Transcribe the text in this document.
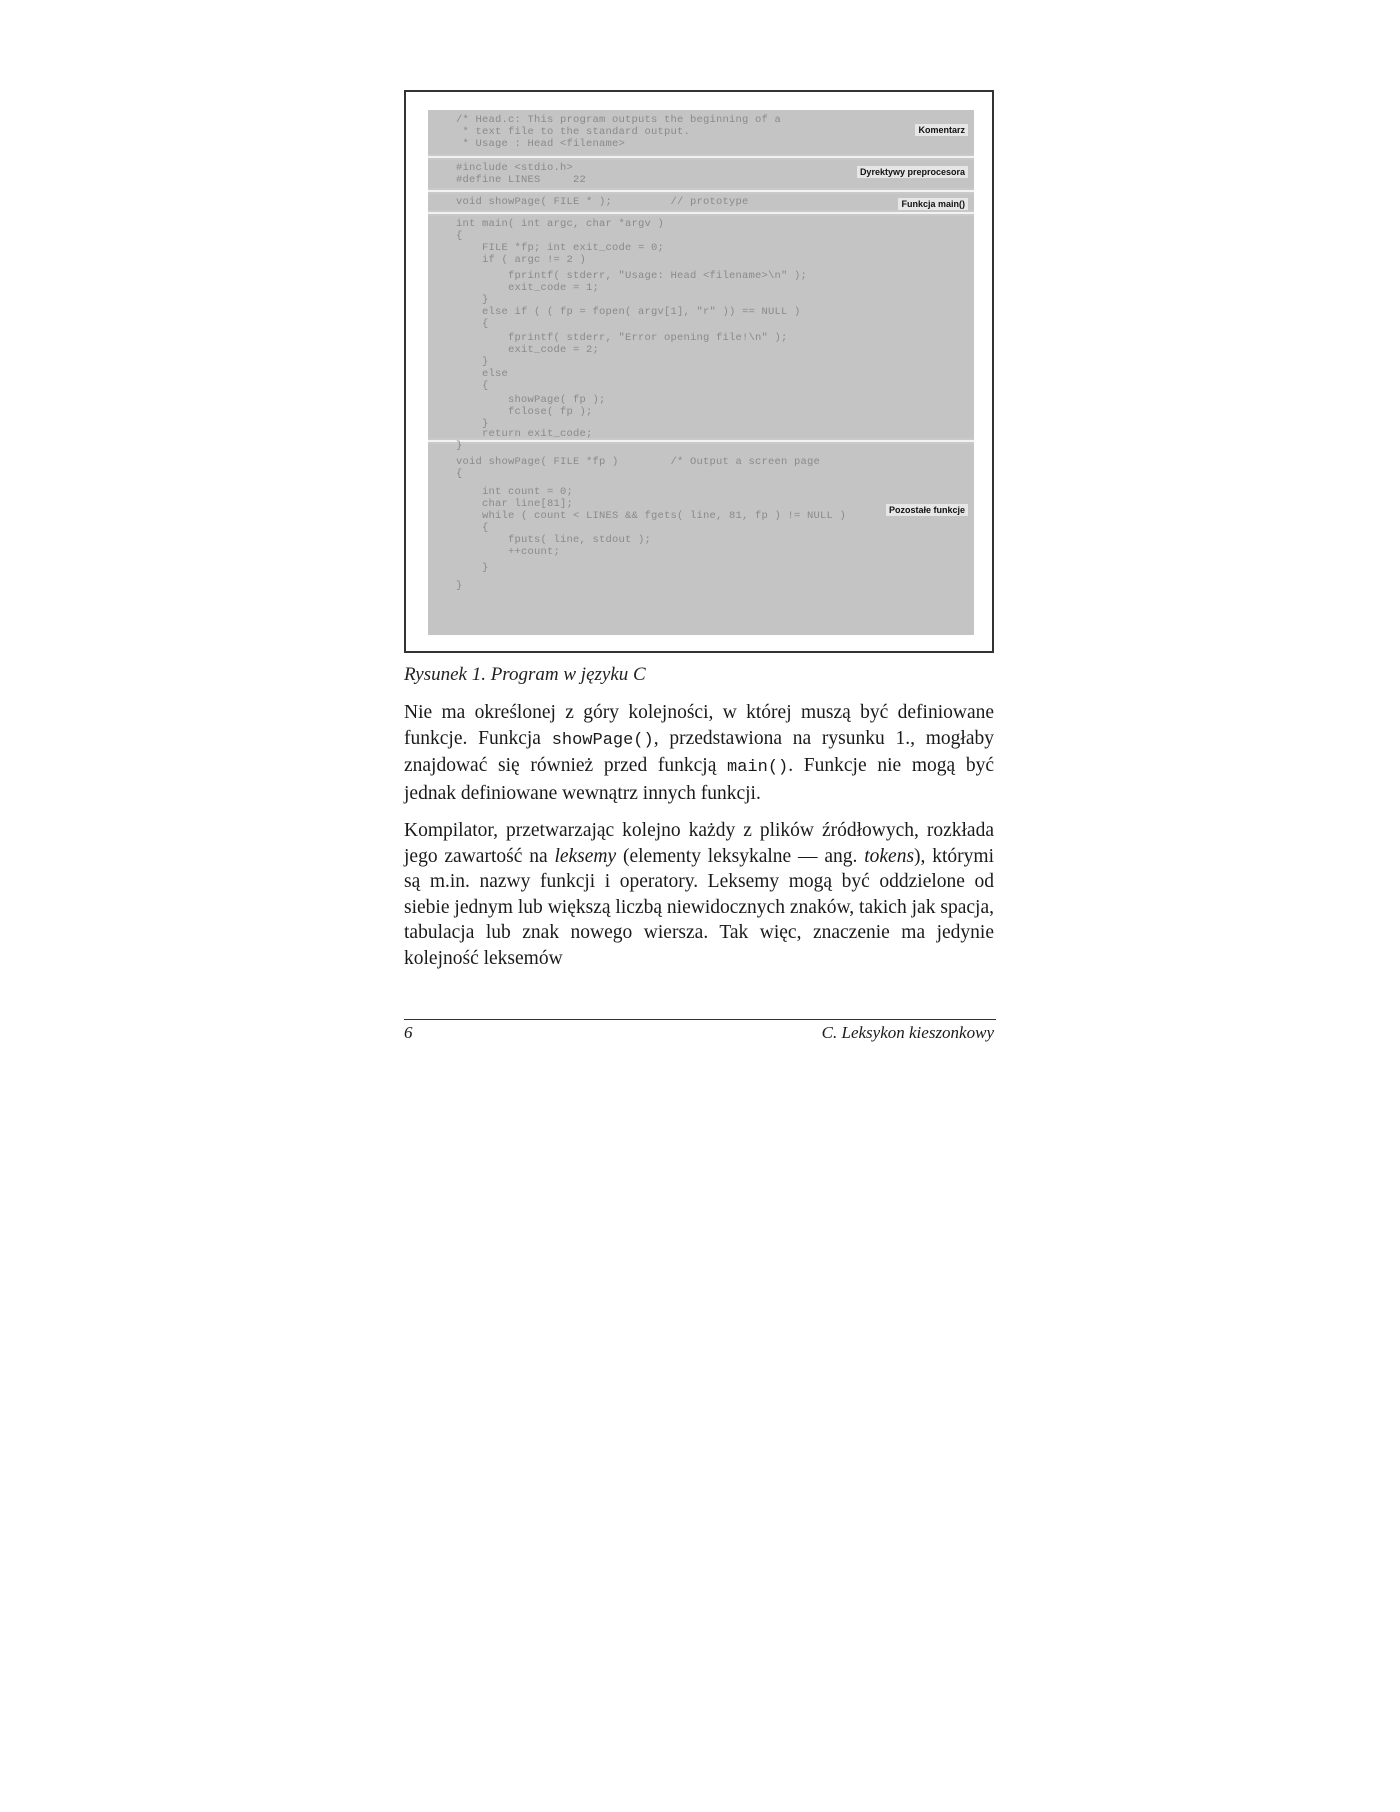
/* Head.c: This program outputs the beginning of a
* text file to the standard output.
* Usage : Head <filename>
#include <stdio.h>
#define LINES     22
void showPage( FILE * );         // prototype
int main( int argc, char *argv )
{
FILE *fp; int exit_code = 0;
if ( argc != 2 )
fprintf( stderr, "Usage: Head <filename>\n" );
exit_code = 1;
}
else if ( ( fp = fopen( argv[1], "r" )) == NULL )
{
fprintf( stderr, "Error opening file!\n" );
exit_code = 2;
}
else
{
showPage( fp );
fclose( fp );
}
return exit_code;
}
void showPage( FILE *fp )        /* Output a screen page
{
int count = 0;
char line[81];
while ( count < LINES && fgets( line, 81, fp ) != NULL )
{
fputs( line, stdout );
++count;
}
}
Komentarz
Dyrektywy preprocesora
Funkcja main()
Pozostałe funkcje
Rysunek 1. Program w języku C

Nie ma określonej z góry kolejności, w której muszą być definiowane funkcje. Funkcja showPage(), przedstawiona na rysunku 1., mogłaby znajdować się również przed funkcją main(). Funkcje nie mogą być jednak definiowane wewnątrz innych funkcji.

Kompilator, przetwarzając kolejno każdy z plików źródłowych, rozkłada jego zawartość na leksemy (elementy leksykalne — ang. tokens), którymi są m.in. nazwy funkcji i operatory. Leksemy mogą być oddzielone od siebie jednym lub większą liczbą niewidocznych znaków, takich jak spacja, tabulacja lub znak nowego wiersza. Tak więc, znaczenie ma jedynie kolejność leksemów

6	C. Leksykon kieszonkowy
